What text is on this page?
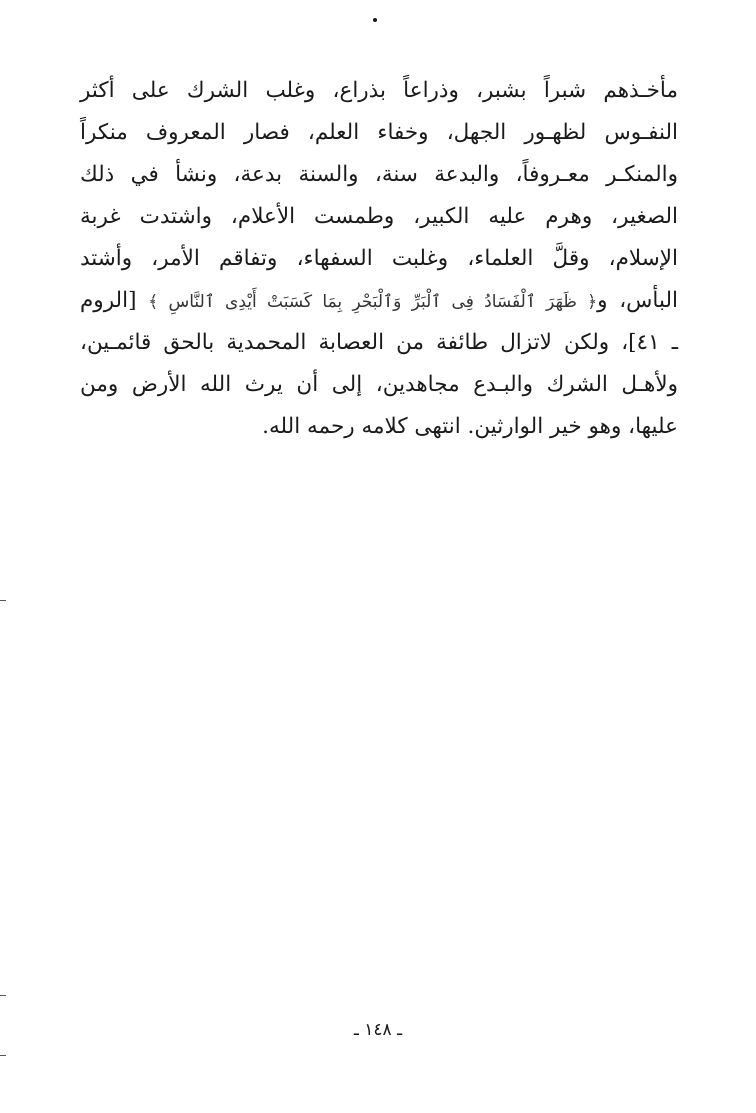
مأخـذهم شبراً بشبر، وذراعاً بذراع، وغلب الشرك على أكثر
النفـوس لظهـور الجهل، وخفاء العلم، فصار المعروف منكراً
والمنكـر معـروفاً، والبدعة سنة، والسنة بدعة، ونشأ في ذلك
الصغير، وهرم عليه الكبير، وطمست الأعلام، واشتدت غربة
الإسلام، وقلَّ العلماء، وغلبت السفهاء، وتفاقم الأمر، وأشتد
البأس، و﴿ ظَهَرَ ٱلْفَسَادُ فِى ٱلْبَرِّ وَٱلْبَحْرِ بِمَا كَسَبَتْ أَيْدِى ٱلنَّاسِ ﴾ [الروم
ـ ٤١]، ولكن لاتزال طائفة من العصابة المحمدية بالحق قائمـين،
ولأهـل الشرك والبـدع مجاهدين، إلى أن يرث الله الأرض ومن
عليها، وهو خير الوارثين. انتهى كلامه رحمه الله.
ـ ١٤٨ ـ
